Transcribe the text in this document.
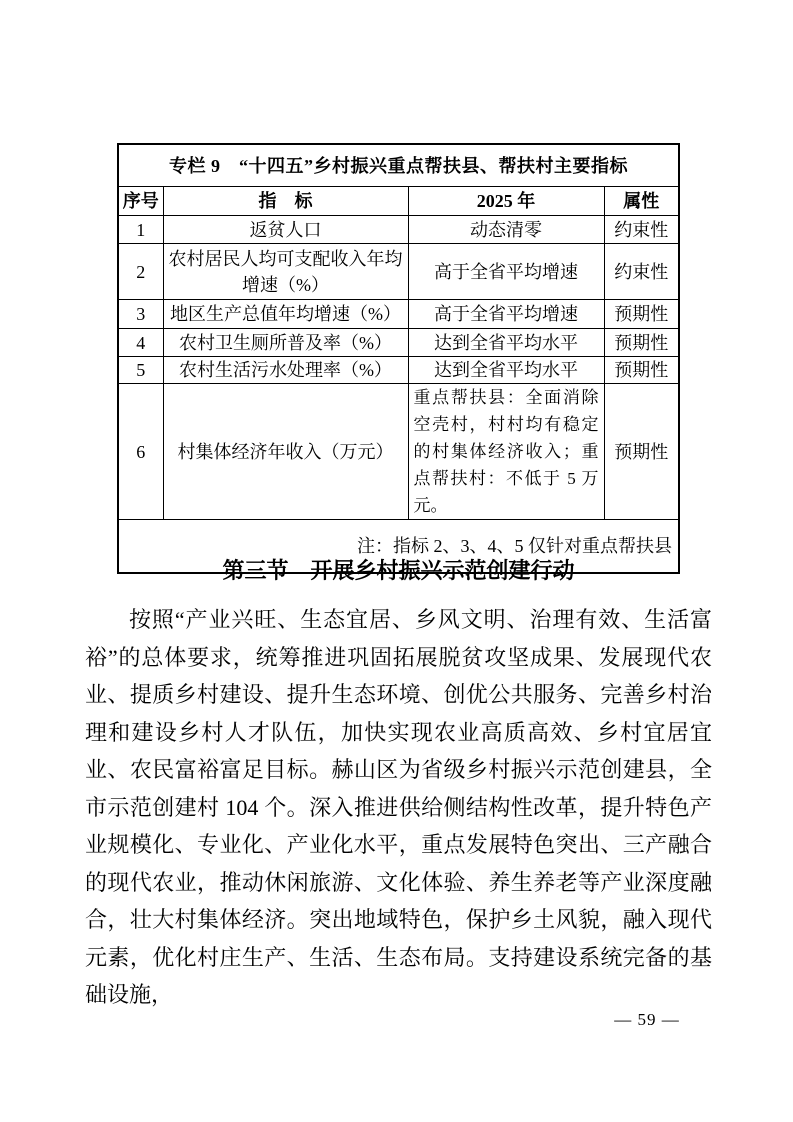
专栏 9　“十四五”乡村振兴重点帮扶县、帮扶村主要指标			
序号	指　标	2025 年	属性
1	返贫人口	动态清零	约束性
2	农村居民人均可支配收入年均增速（%）	高于全省平均增速	约束性
3	地区生产总值年均增速（%）	高于全省平均增速	预期性
4	农村卫生厕所普及率（%）	达到全省平均水平	预期性
5	农村生活污水处理率（%）	达到全省平均水平	预期性
6	村集体经济年收入（万元）	重点帮扶县：全面消除空壳村，村村均有稳定的村集体经济收入；重点帮扶村：不低于 5 万元。	预期性
注：指标 2、3、4、5 仅针对重点帮扶县			
第三节　开展乡村振兴示范创建行动

按照“产业兴旺、生态宜居、乡风文明、治理有效、生活富裕”的总体要求，统筹推进巩固拓展脱贫攻坚成果、发展现代农业、提质乡村建设、提升生态环境、创优公共服务、完善乡村治理和建设乡村人才队伍，加快实现农业高质高效、乡村宜居宜业、农民富裕富足目标。赫山区为省级乡村振兴示范创建县，全市示范创建村 104 个。深入推进供给侧结构性改革，提升特色产业规模化、专业化、产业化水平，重点发展特色突出、三产融合的现代农业，推动休闲旅游、文化体验、养生养老等产业深度融合，壮大村集体经济。突出地域特色，保护乡土风貌，融入现代元素，优化村庄生产、生活、生态布局。支持建设系统完备的基础设施，

— 59 —
